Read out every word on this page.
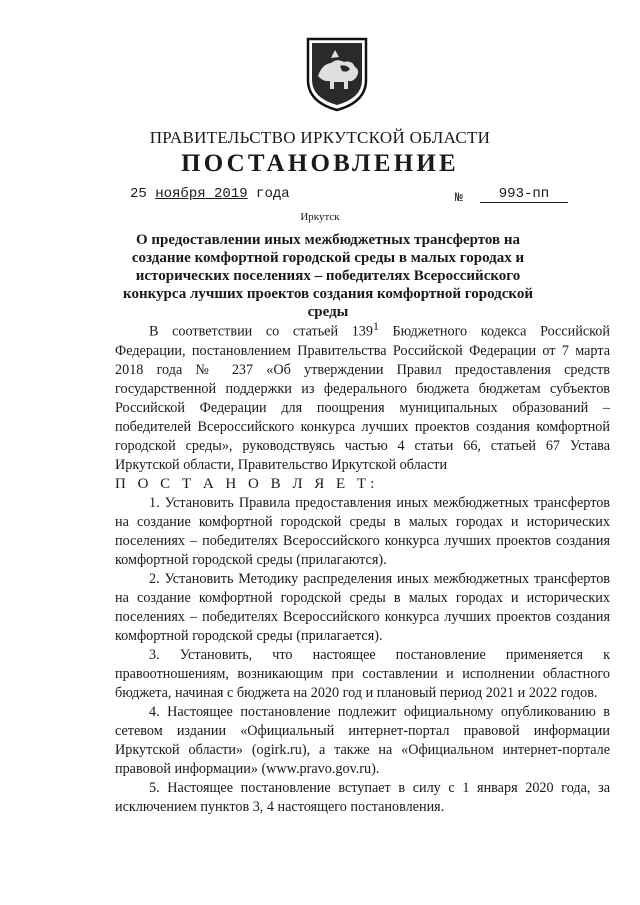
ПРАВИТЕЛЬСТВО ИРКУТСКОЙ ОБЛАСТИ
ПОСТАНОВЛЕНИЕ
25 ноября 2019 года	№	993-пп
Иркутск
О предоставлении иных межбюджетных трансфертов на создание комфортной городской среды в малых городах и исторических поселениях – победителях Всероссийского конкурса лучших проектов создания комфортной городской среды

В соответствии со статьей $139^1$ Бюджетного кодекса Российской Федерации, постановлением Правительства Российской Федерации от 7 марта 2018 года № 237 «Об утверждении Правил предоставления средств государственной поддержки из федерального бюджета бюджетам субъектов Российской Федерации для поощрения муниципальных образований – победителей Всероссийского конкурса лучших проектов создания комфортной городской среды», руководствуясь частью 4 статьи 66, статьей 67 Устава Иркутской области, Правительство Иркутской области

П О С Т А Н О В Л Я Е Т:

1. Установить Правила предоставления иных межбюджетных трансфертов на создание комфортной городской среды в малых городах и исторических поселениях – победителях Всероссийского конкурса лучших проектов создания комфортной городской среды (прилагаются).

2. Установить Методику распределения иных межбюджетных трансфертов на создание комфортной городской среды в малых городах и исторических поселениях – победителях Всероссийского конкурса лучших проектов создания комфортной городской среды (прилагается).

3. Установить, что настоящее постановление применяется к правоотношениям, возникающим при составлении и исполнении областного бюджета, начиная с бюджета на 2020 год и плановый период 2021 и 2022 годов.

4. Настоящее постановление подлежит официальному опубликованию в сетевом издании «Официальный интернет-портал правовой информации Иркутской области» (ogirk.ru), а также на «Официальном интернет-портале правовой информации» (www.pravo.gov.ru).

5. Настоящее постановление вступает в силу с 1 января 2020 года, за исключением пунктов 3, 4 настоящего постановления.
